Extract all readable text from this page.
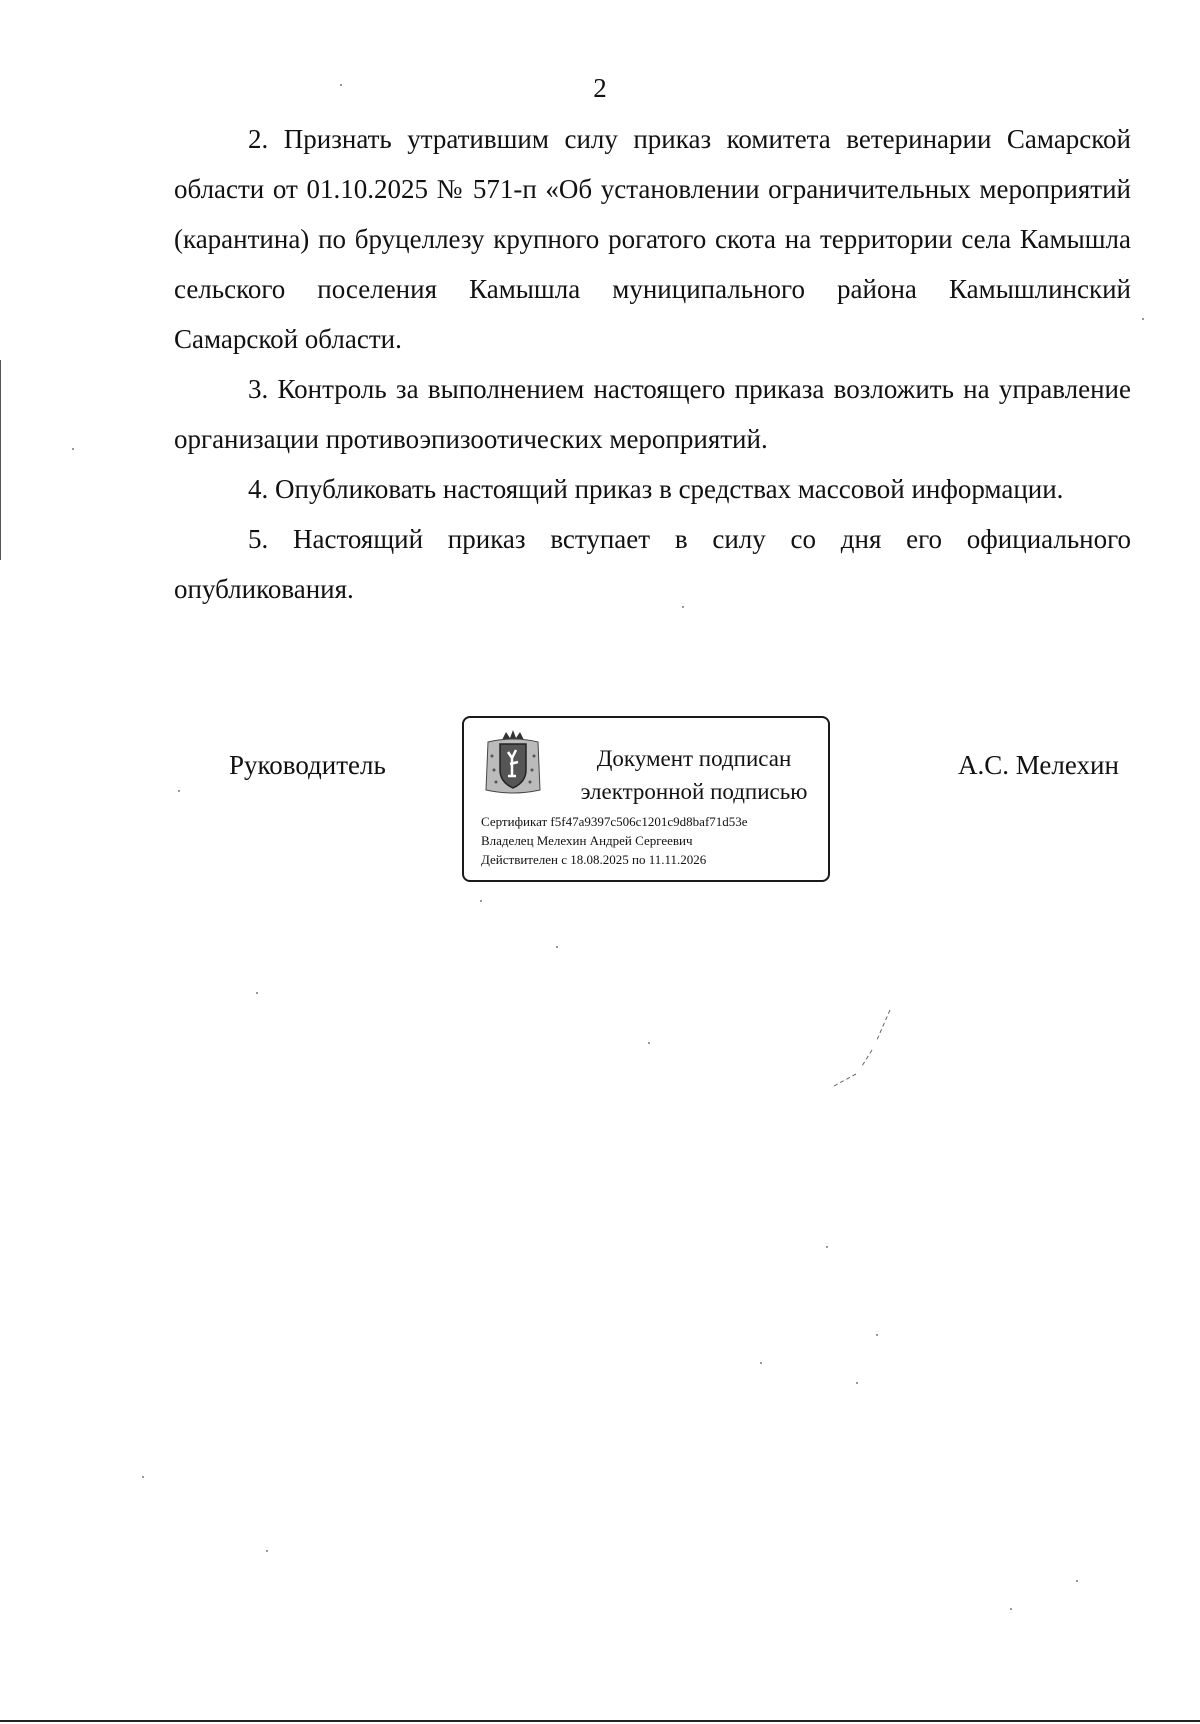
2

2. Признать утратившим силу приказ комитета ветеринарии Самарской области от 01.10.2025 № 571-п «Об установлении ограничительных мероприятий (карантина) по бруцеллезу крупного рогатого скота на территории села Камышла сельского поселения Камышла муниципального района Камышлинский Самарской области.

3. Контроль за выполнением настоящего приказа возложить на управление организации противоэпизоотических мероприятий.

4. Опубликовать настоящий приказ в средствах массовой информации.

5. Настоящий приказ вступает в силу со дня его официального опубликования.

Руководитель	Документ подписан
электронной подписью
Сертификат f5f47a9397c506c1201c9d8baf71d53e
Владелец Мелехин Андрей Сергеевич
Действителен с 18.08.2025 по 11.11.2026
А.С. Мелехин
